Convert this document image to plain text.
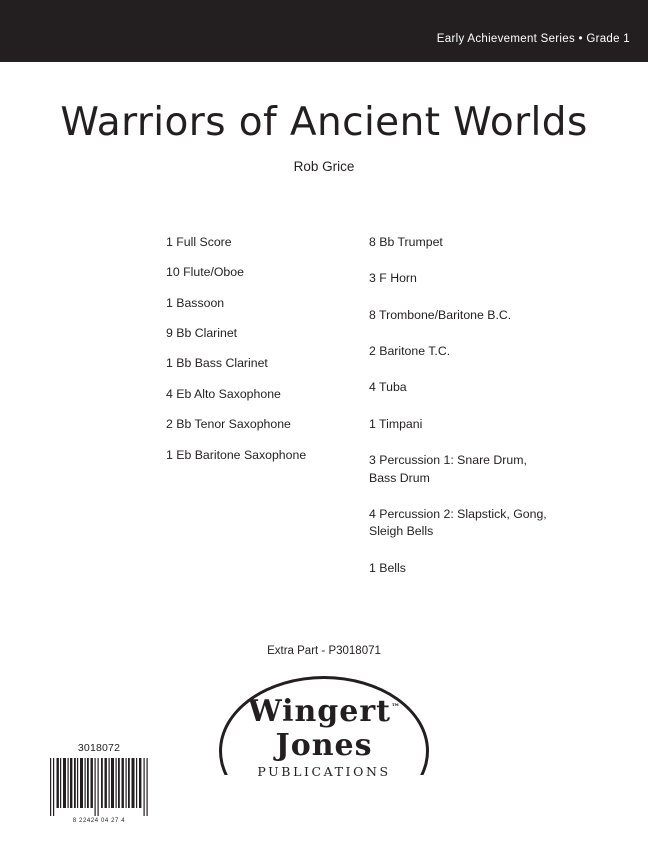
Early Achievement Series • Grade 1
Warriors of Ancient Worlds
Rob Grice
1 Full Score
10 Flute/Oboe
1 Bassoon
9 Bb Clarinet
1 Bb Bass Clarinet
4 Eb Alto Saxophone
2 Bb Tenor Saxophone
1 Eb Baritone Saxophone
8 Bb Trumpet
3 F Horn
8 Trombone/Baritone B.C.
2 Baritone T.C.
4 Tuba
1 Timpani
3 Percussion 1: Snare Drum,
Bass Drum
4 Percussion 2: Slapstick, Gong,
Sleigh Bells
1 Bells
Extra Part - P3018071
Wingert™
Jones
PUBLICATIONS
3018072
8 22424 04 27 4
